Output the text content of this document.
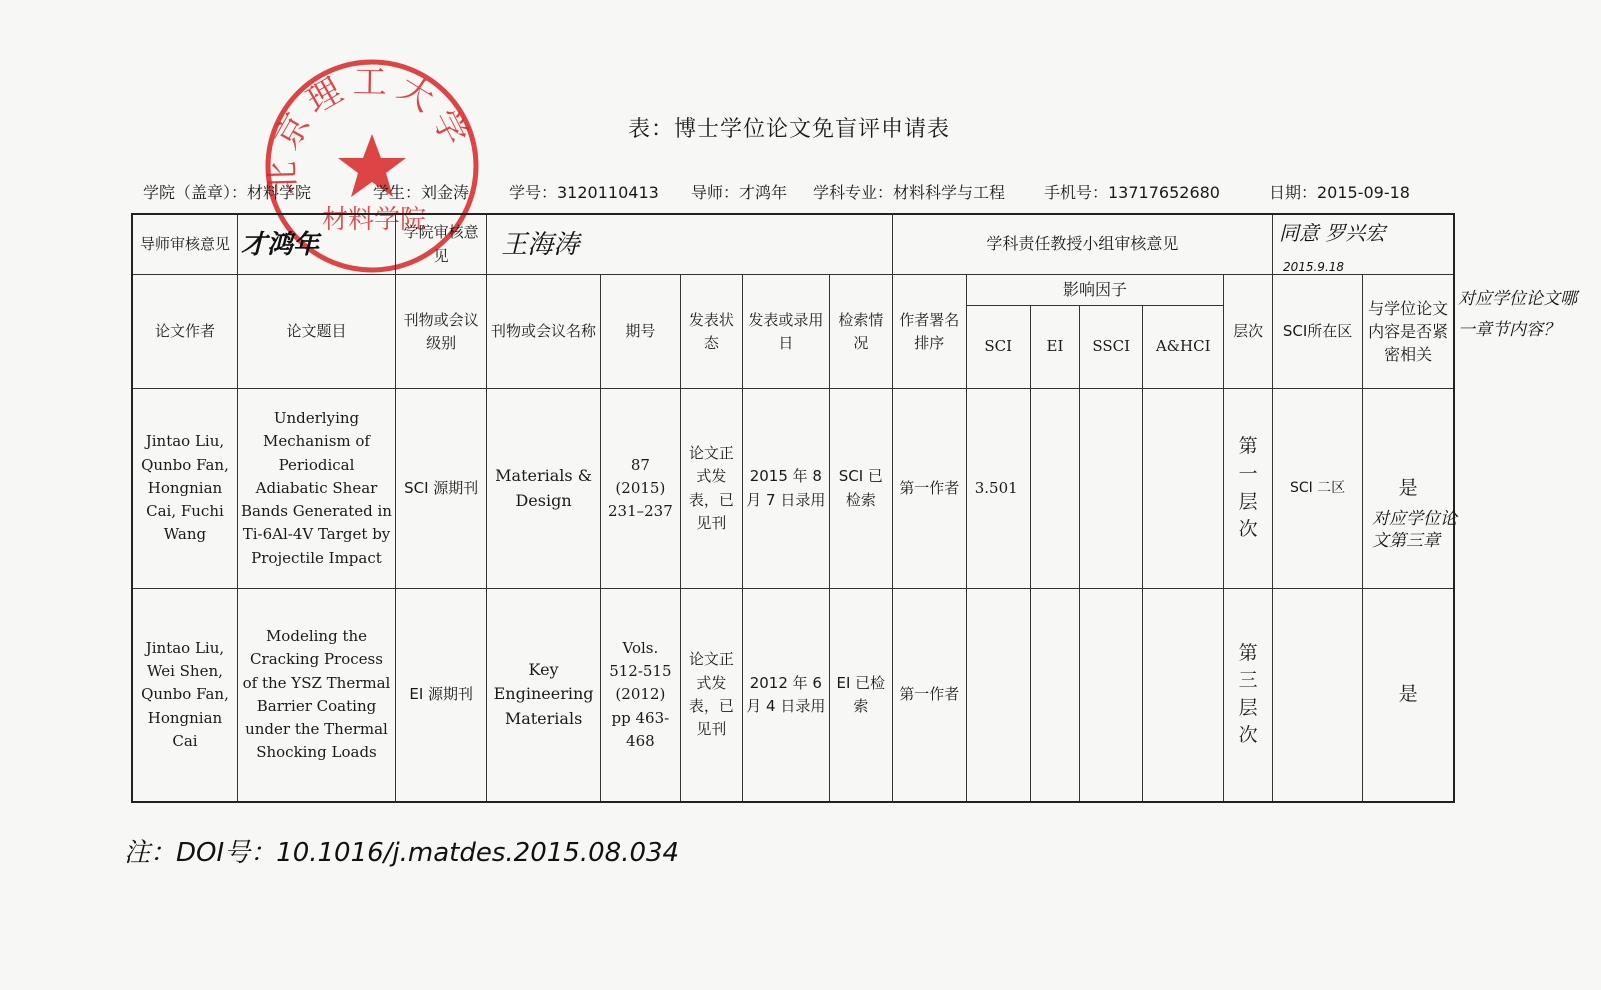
北京理工大学
材料学院
表：博士学位论文免盲评申请表
学院（盖章）：材料学院	学生：刘金涛 学号：3120110413 导师：才鸿年 学科专业：材料科学与工程 手机号：13717652680	日期：2015-09-18
导师审核意见	才鸿年	学院审核意见	王海涛					学科责任教授小组审核意见						同意 罗兴宏 $_{2015.9.18}$
论文作者	论文题目	刊物或会议级别	刊物或会议名称	期号	发表状态	发表或录用日	检索情况	作者署名排序	影响因子				层次	SCI所在区	与学位论文内容是否紧密相关
									SCI	EI	SSCI	A&HCI			
Jintao Liu, Qunbo Fan, Hongnian Cai, Fuchi Wang	Underlying Mechanism of Periodical Adiabatic Shear Bands Generated in Ti-6Al-4V Target by Projectile Impact	SCI 源期刊	Materials & Design	87 (2015) 231–237	论文正式发表，已见刊	2015 年 8 月 7 日录用	SCI 已检索	第一作者	3.501				第一层次	SCI 二区	是
Jintao Liu, Wei Shen, Qunbo Fan, Hongnian Cai	Modeling the Cracking Process of the YSZ Thermal Barrier Coating under the Thermal Shocking Loads	EI 源期刊	Key Engineering Materials	Vols. 512-515 (2012) pp 463-468	论文正式发表，已见刊	2012 年 6 月 4 日录用	EI 已检索	第一作者					第三层次		是
对应学位论文哪一章节内容？
对应学位论文第三章
注：DOI号：10.1016/j.matdes.2015.08.034
